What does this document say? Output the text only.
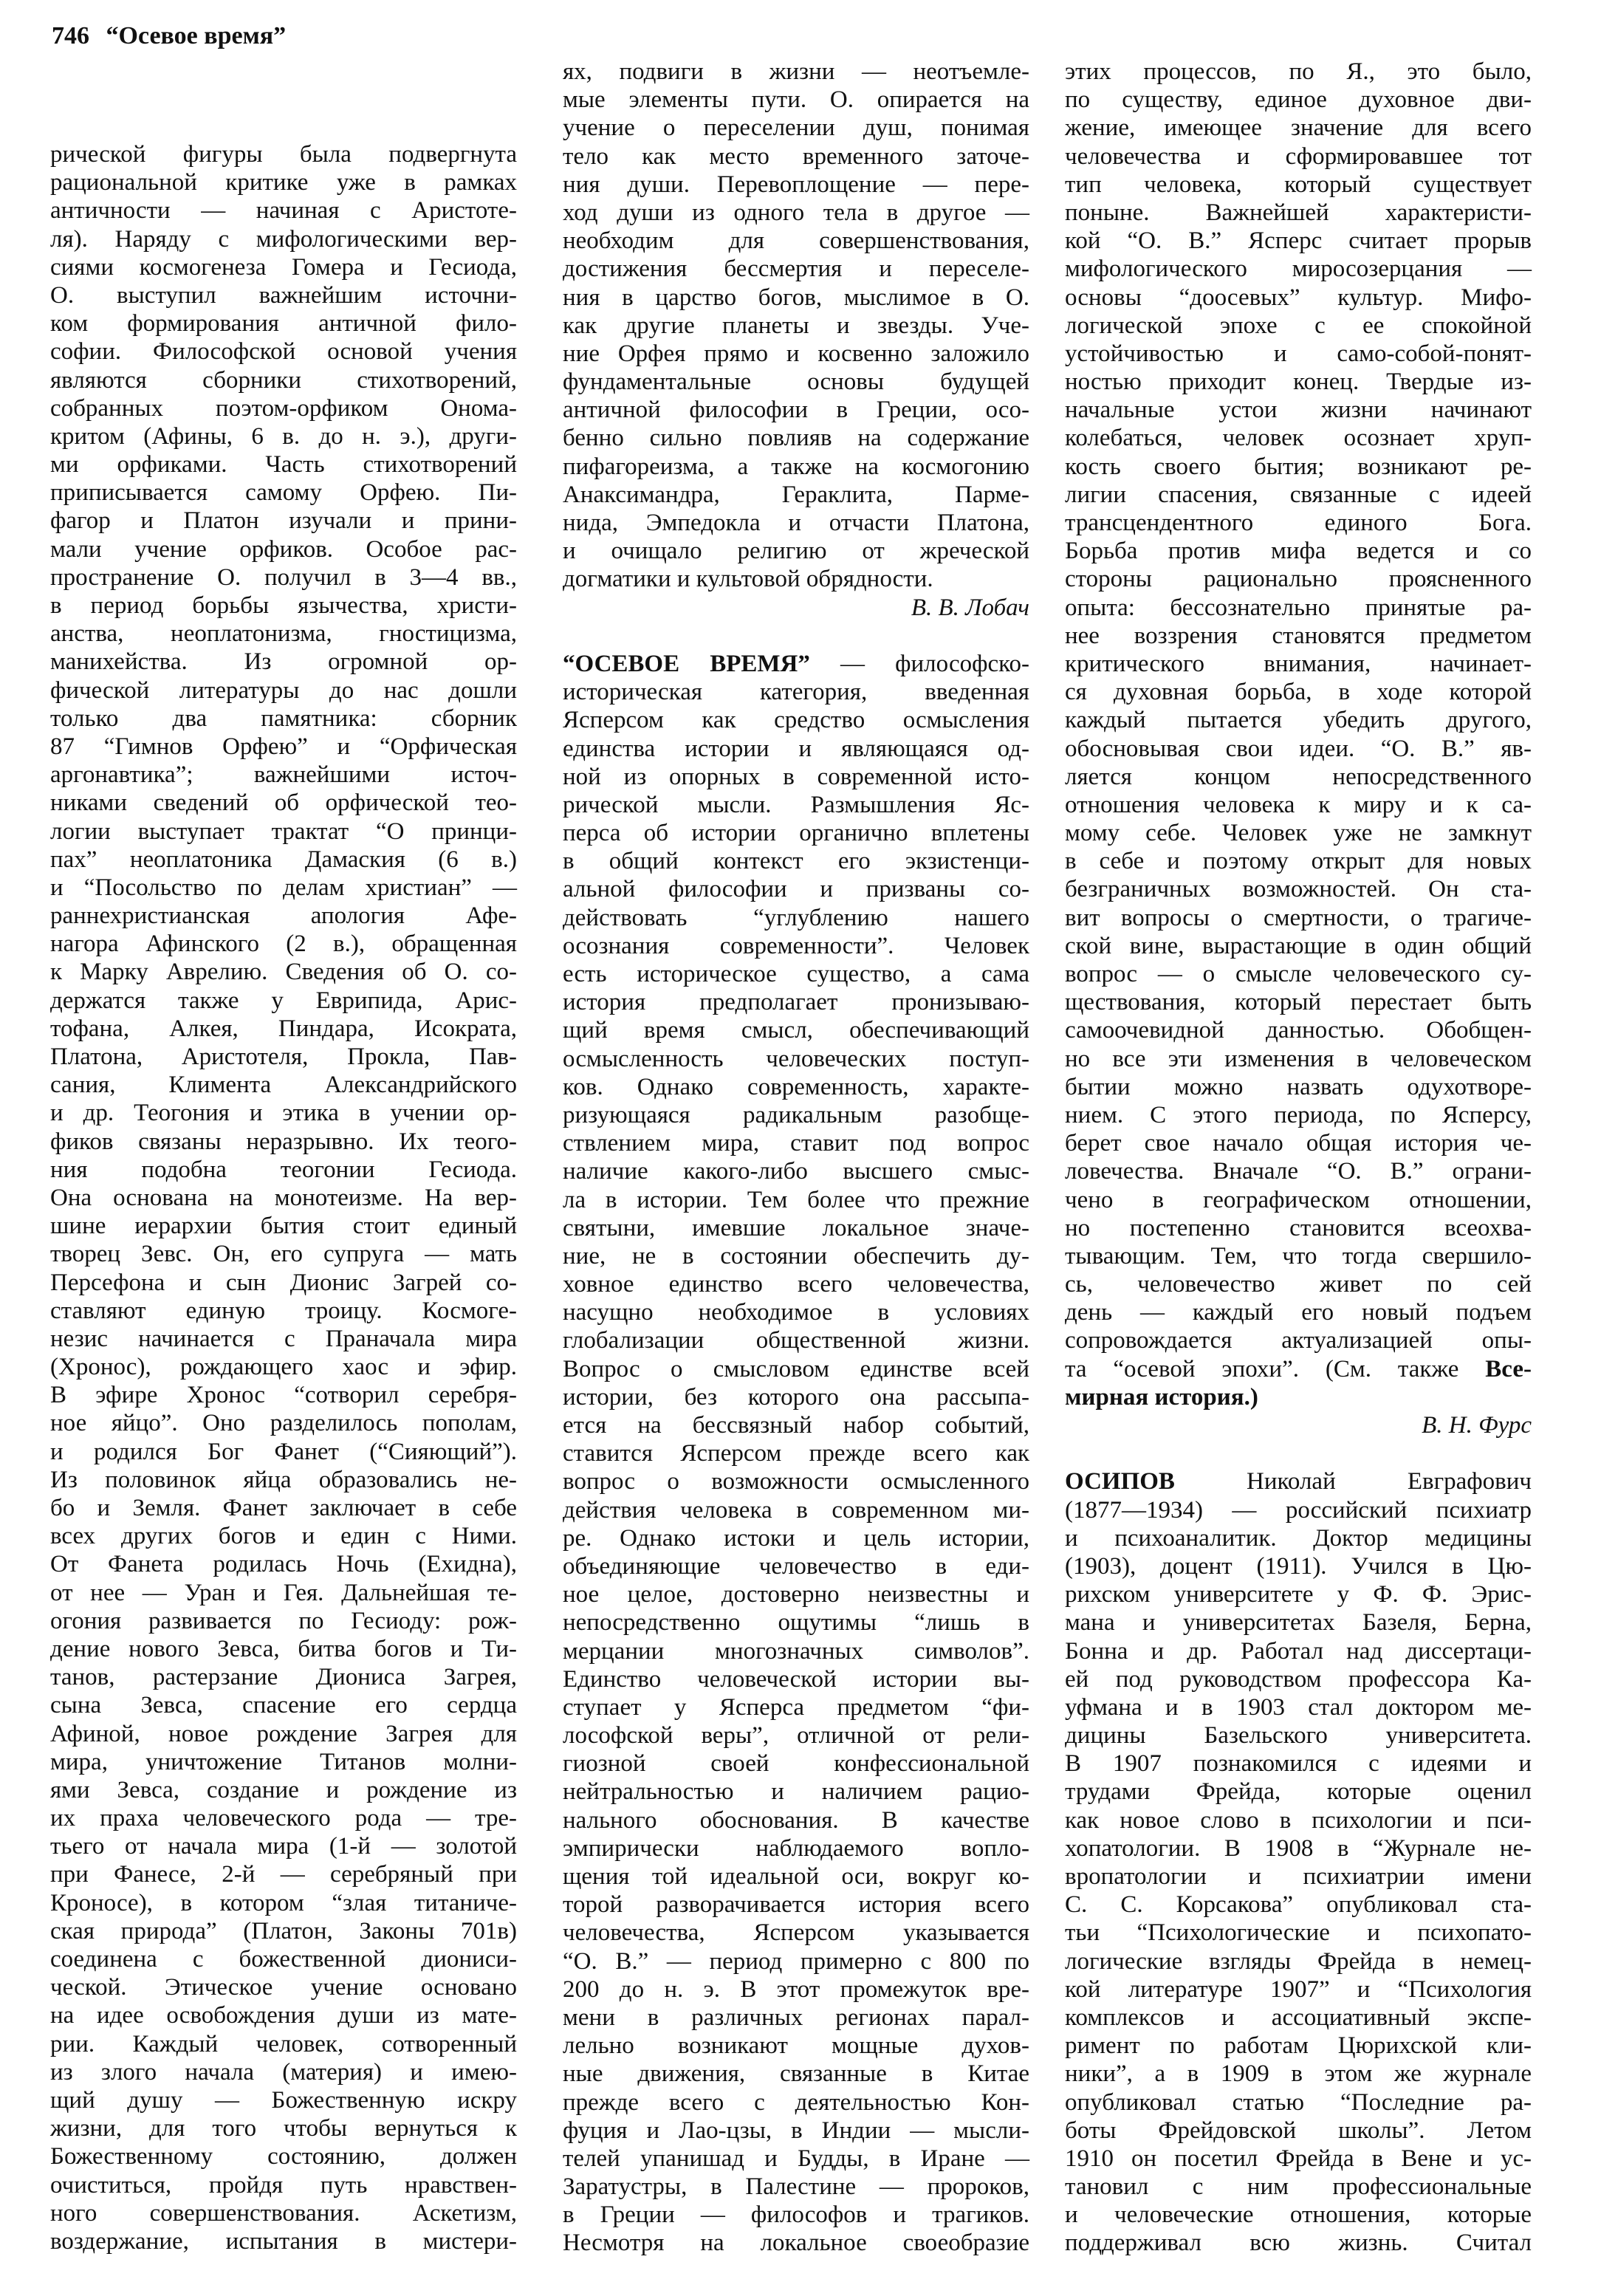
746 “Осевое время”
рической фигуры была подвергнута
рациональной критике уже в рамках
античности — начиная с Аристоте-
ля). Наряду с мифологическими вер-
сиями космогенеза Гомера и Гесиода,
О. выступил важнейшим источни-
ком формирования античной фило-
софии. Философской основой учения
являются сборники стихотворений,
собранных поэтом-орфиком Онома-
критом (Афины, 6 в. до н. э.), други-
ми орфиками. Часть стихотворений
приписывается самому Орфею. Пи-
фагор и Платон изучали и прини-
мали учение орфиков. Особое рас-
пространение О. получил в 3—4 вв.,
в период борьбы язычества, христи-
анства, неоплатонизма, гностицизма,
манихейства. Из огромной ор-
фической литературы до нас дошли
только два памятника: сборник
87 “Гимнов Орфею” и “Орфическая
аргонавтика”; важнейшими источ-
никами сведений об орфической тео-
логии выступает трактат “О принци-
пах” неоплатоника Дамаския (6 в.)
и “Посольство по делам христиан” —
раннехристианская апология Афе-
нагора Афинского (2 в.), обращенная
к Марку Аврелию. Сведения об О. со-
держатся также у Еврипида, Арис-
тофана, Алкея, Пиндара, Исократа,
Платона, Аристотеля, Прокла, Пав-
сания, Климента Александрийского
и др. Теогония и этика в учении ор-
фиков связаны неразрывно. Их теого-
ния подобна теогонии Гесиода.
Она основана на монотеизме. На вер-
шине иерархии бытия стоит единый
творец Зевс. Он, его супруга — мать
Персефона и сын Дионис Загрей со-
ставляют единую троицу. Космоге-
незис начинается с Праначала мира
(Хронос), рождающего хаос и эфир.
В эфире Хронос “сотворил серебря-
ное яйцо”. Оно разделилось пополам,
и родился Бог Фанет (“Сияющий”).
Из половинок яйца образовались не-
бо и Земля. Фанет заключает в себе
всех других богов и един с Ними.
От Фанета родилась Ночь (Ехидна),
от нее — Уран и Гея. Дальнейшая те-
огония развивается по Гесиоду: рож-
дение нового Зевса, битва богов и Ти-
танов, растерзание Диониса Загрея,
сына Зевса, спасение его сердца
Афиной, новое рождение Загрея для
мира, уничтожение Титанов молни-
ями Зевса, создание и рождение из
их праха человеческого рода — тре-
тьего от начала мира (1-й — золотой
при Фанесе, 2-й — серебряный при
Кроносе), в котором “злая титаниче-
ская природа” (Платон, Законы 701в)
соединена с божественной диониси-
ческой. Этическое учение основано
на идее освобождения души из мате-
рии. Каждый человек, сотворенный
из злого начала (материя) и имею-
щий душу — Божественную искру
жизни, для того чтобы вернуться к
Божественному состоянию, должен
очиститься, пройдя путь нравствен-
ного совершенствования. Аскетизм,
воздержание, испытания в мистери-
ях, подвиги в жизни — неотъемле-
мые элементы пути. О. опирается на
учение о переселении душ, понимая
тело как место временного заточе-
ния души. Перевоплощение — пере-
ход души из одного тела в другое —
необходим для совершенствования,
достижения бессмертия и переселе-
ния в царство богов, мыслимое в О.
как другие планеты и звезды. Уче-
ние Орфея прямо и косвенно заложило
фундаментальные основы будущей
античной философии в Греции, осо-
бенно сильно повлияв на содержание
пифагореизма, а также на космогонию
Анаксимандра, Гераклита, Парме-
нида, Эмпедокла и отчасти Платона,
и очищало религию от жреческой
догматики и культовой обрядности.
В. В. Лобач
“ОСЕВОЕ ВРЕМЯ” — философско-
историческая категория, введенная
Ясперсом как средство осмысления
единства истории и являющаяся од-
ной из опорных в современной исто-
рической мысли. Размышления Яс-
перса об истории органично вплетены
в общий контекст его экзистенци-
альной философии и призваны со-
действовать “углублению нашего
осознания современности”. Человек
есть историческое существо, а сама
история предполагает пронизываю-
щий время смысл, обеспечивающий
осмысленность человеческих поступ-
ков. Однако современность, характе-
ризующаяся радикальным разобще-
ствлением мира, ставит под вопрос
наличие какого-либо высшего смыс-
ла в истории. Тем более что прежние
святыни, имевшие локальное значе-
ние, не в состоянии обеспечить ду-
ховное единство всего человечества,
насущно необходимое в условиях
глобализации общественной жизни.
Вопрос о смысловом единстве всей
истории, без которого она рассыпа-
ется на бессвязный набор событий,
ставится Ясперсом прежде всего как
вопрос о возможности осмысленного
действия человека в современном ми-
ре. Однако истоки и цель истории,
объединяющие человечество в еди-
ное целое, достоверно неизвестны и
непосредственно ощутимы “лишь в
мерцании многозначных символов”.
Единство человеческой истории вы-
ступает у Ясперса предметом “фи-
лософской веры”, отличной от рели-
гиозной своей конфессиональной
нейтральностью и наличием рацио-
нального обоснования. В качестве
эмпирически наблюдаемого вопло-
щения той идеальной оси, вокруг ко-
торой разворачивается история всего
человечества, Ясперсом указывается
“О. В.” — период примерно с 800 по
200 до н. э. В этот промежуток вре-
мени в различных регионах парал-
лельно возникают мощные духов-
ные движения, связанные в Китае
прежде всего с деятельностью Кон-
фуция и Лао-цзы, в Индии — мысли-
телей упанишад и Будды, в Иране —
Заратустры, в Палестине — пророков,
в Греции — философов и трагиков.
Несмотря на локальное своеобразие
этих процессов, по Я., это было,
по существу, единое духовное дви-
жение, имеющее значение для всего
человечества и сформировавшее тот
тип человека, который существует
поныне. Важнейшей характеристи-
кой “О. В.” Ясперс считает прорыв
мифологического миросозерцания —
основы “доосевых” культур. Мифо-
логической эпохе с ее спокойной
устойчивостью и само-собой-понят-
ностью приходит конец. Твердые из-
начальные устои жизни начинают
колебаться, человек осознает хруп-
кость своего бытия; возникают ре-
лигии спасения, связанные с идеей
трансцендентного единого Бога.
Борьба против мифа ведется и со
стороны рационально проясненного
опыта: бессознательно принятые ра-
нее воззрения становятся предметом
критического внимания, начинает-
ся духовная борьба, в ходе которой
каждый пытается убедить другого,
обосновывая свои идеи. “О. В.” яв-
ляется концом непосредственного
отношения человека к миру и к са-
мому себе. Человек уже не замкнут
в себе и поэтому открыт для новых
безграничных возможностей. Он ста-
вит вопросы о смертности, о трагиче-
ской вине, вырастающие в один общий
вопрос — о смысле человеческого су-
ществования, который перестает быть
самоочевидной данностью. Обобщен-
но все эти изменения в человеческом
бытии можно назвать одухотворе-
нием. С этого периода, по Ясперсу,
берет свое начало общая история че-
ловечества. Вначале “О. В.” ограни-
чено в географическом отношении,
но постепенно становится всеохва-
тывающим. Тем, что тогда свершило-
сь, человечество живет по сей
день — каждый его новый подъем
сопровождается актуализацией опы-
та “осевой эпохи”. (См. также Все-
мирная история.)
В. Н. Фурс
ОСИПОВ Николай Евграфович
(1877—1934) — российский психиатр
и психоаналитик. Доктор медицины
(1903), доцент (1911). Учился в Цю-
рихском университете у Ф. Ф. Эрис-
мана и университетах Базеля, Берна,
Бонна и др. Работал над диссертаци-
ей под руководством профессора Ка-
уфмана и в 1903 стал доктором ме-
дицины Базельского университета.
В 1907 познакомился с идеями и
трудами Фрейда, которые оценил
как новое слово в психологии и пси-
хопатологии. В 1908 в “Журнале не-
вропатологии и психиатрии имени
С. С. Корсакова” опубликовал ста-
тьи “Психологические и психопато-
логические взгляды Фрейда в немец-
кой литературе 1907” и “Психология
комплексов и ассоциативный экспе-
римент по работам Цюрихской кли-
ники”, а в 1909 в этом же журнале
опубликовал статью “Последние ра-
боты Фрейдовской школы”. Летом
1910 он посетил Фрейда в Вене и ус-
тановил с ним профессиональные
и человеческие отношения, которые
поддерживал всю жизнь. Считал
